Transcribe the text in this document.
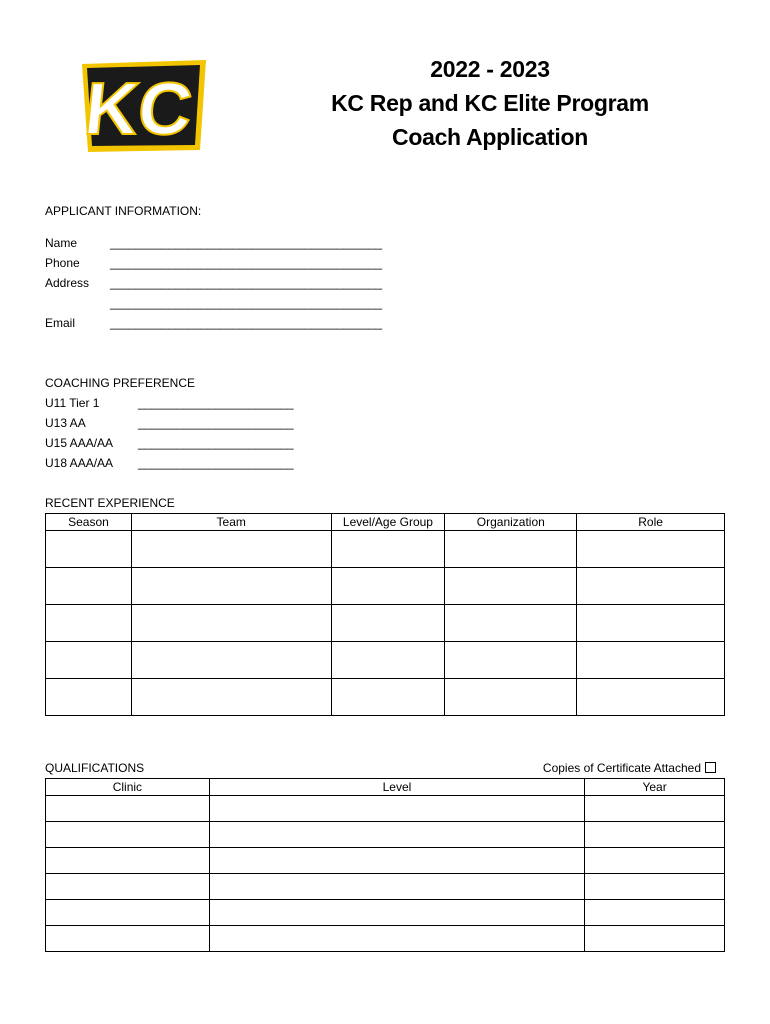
KC	2022 - 2023
KC Rep and KC Elite Program
Coach Application
APPLICANT INFORMATION:
Name	__________________________________________
Phone	__________________________________________
Address __________________________________________
__________________________________________
Email	__________________________________________
COACHING PREFERENCE
U11 Tier 1	________________________
U13 AA	________________________
U15 AAA/AA ________________________
U18 AAA/AA ________________________
RECENT EXPERIENCE
Season	Team	Level/Age Group	Organization	Role

QUALIFICATIONS	Copies of Certificate Attached
Clinic	Level	Year
